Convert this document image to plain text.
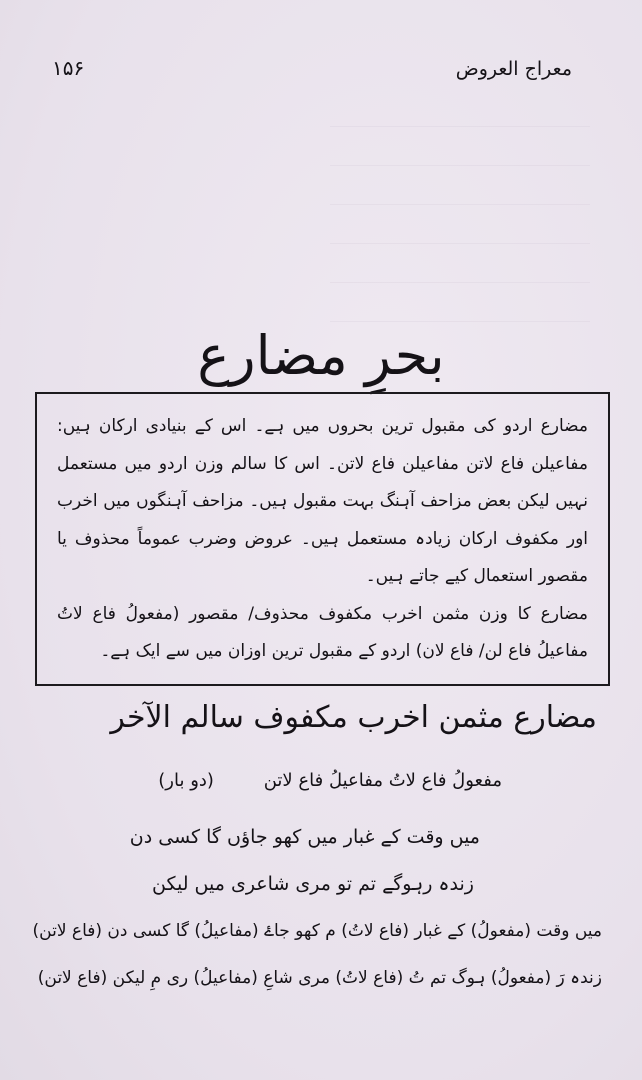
معراج العروض
۱۵۶
بحرِ مضارع

مضارع اردو کی مقبول ترین بحروں میں ہے۔ اس کے بنیادی ارکان ہیں: مفاعیلن فاع لاتن مفاعیلن فاع لاتن۔ اس کا سالم وزن اردو میں مستعمل نہیں لیکن بعض مزاحف آہنگ بہت مقبول ہیں۔ مزاحف آہنگوں میں اخرب اور مکفوف ارکان زیادہ مستعمل ہیں۔ عروض وضرب عموماً محذوف یا مقصور استعمال کیے جاتے ہیں۔

مضارع کا وزن مثمن اخرب مکفوف محذوف/ مقصور (مفعولُ فاع لاتُ مفاعیلُ فاع لن/ فاع لان) اردو کے مقبول ترین اوزان میں سے ایک ہے۔

مضارع مثمن اخرب مکفوف سالم الآخر
مفعولُ فاع لاتُ مفاعیلُ فاع لاتن (دو بار)
میں وقت کے غبار میں کھو جاؤں گا کسی دن
زندہ رہوگے تم تو مری شاعری میں لیکن
میں وقت (مفعولُ) کے غبار (فاع لاتُ) م کھو جاۓ (مفاعیلُ) گا کسی دن (فاع لاتن)
زندہ رَ (مفعولُ) ہوگ تم تُ (فاع لاتُ) مری شاعِ (مفاعیلُ) ری مِ لیکن (فاع لاتن)
